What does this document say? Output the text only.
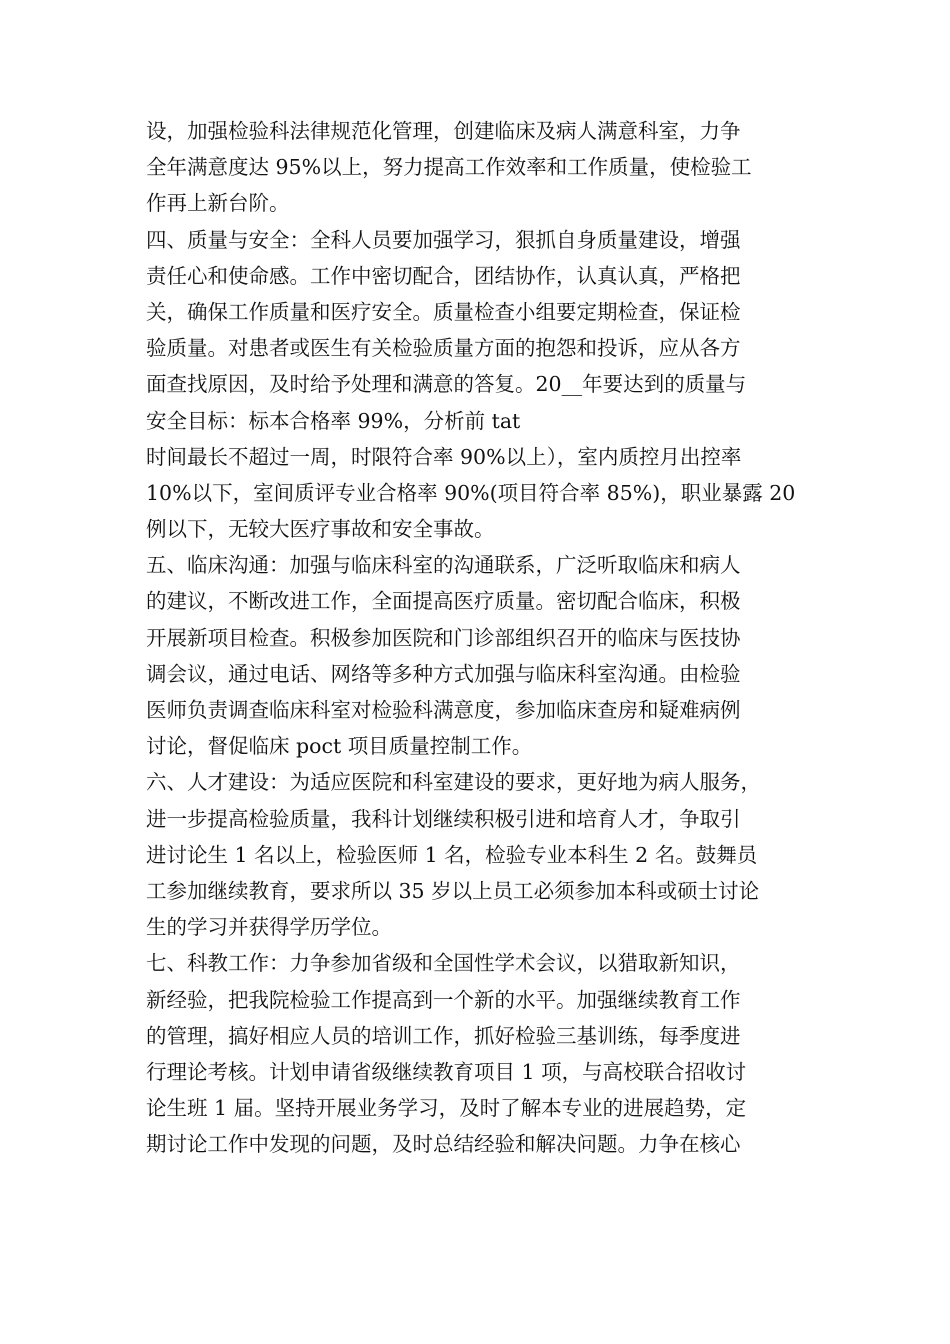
设，加强检验科法律规范化管理，创建临床及病人满意科室，力争
全年满意度达 95%以上，努力提高工作效率和工作质量，使检验工
作再上新台阶。
四、质量与安全：全科人员要加强学习，狠抓自身质量建设，增强
责任心和使命感。工作中密切配合，团结协作，认真认真，严格把
关，确保工作质量和医疗安全。质量检查小组要定期检查，保证检
验质量。对患者或医生有关检验质量方面的抱怨和投诉，应从各方
面查找原因，及时给予处理和满意的答复。20__年要达到的质量与
安全目标：标本合格率 99%，分析前 tat
时间最长不超过一周，时限符合率 90%以上），室内质控月出控率
10%以下，室间质评专业合格率 90%(项目符合率 85%)，职业暴露 20
例以下，无较大医疗事故和安全事故。
五、临床沟通：加强与临床科室的沟通联系，广泛听取临床和病人
的建议，不断改进工作，全面提高医疗质量。密切配合临床，积极
开展新项目检查。积极参加医院和门诊部组织召开的临床与医技协
调会议，通过电话、网络等多种方式加强与临床科室沟通。由检验
医师负责调查临床科室对检验科满意度，参加临床查房和疑难病例
讨论，督促临床 poct 项目质量控制工作。
六、人才建设：为适应医院和科室建设的要求，更好地为病人服务，
进一步提高检验质量，我科计划继续积极引进和培育人才，争取引
进讨论生 1 名以上，检验医师 1 名，检验专业本科生 2 名。鼓舞员
工参加继续教育，要求所以 35 岁以上员工必须参加本科或硕士讨论
生的学习并获得学历学位。
七、科教工作：力争参加省级和全国性学术会议，以猎取新知识，
新经验，把我院检验工作提高到一个新的水平。加强继续教育工作
的管理，搞好相应人员的培训工作，抓好检验三基训练，每季度进
行理论考核。计划申请省级继续教育项目 1 项，与高校联合招收讨
论生班 1 届。坚持开展业务学习，及时了解本专业的进展趋势，定
期讨论工作中发现的问题，及时总结经验和解决问题。力争在核心
